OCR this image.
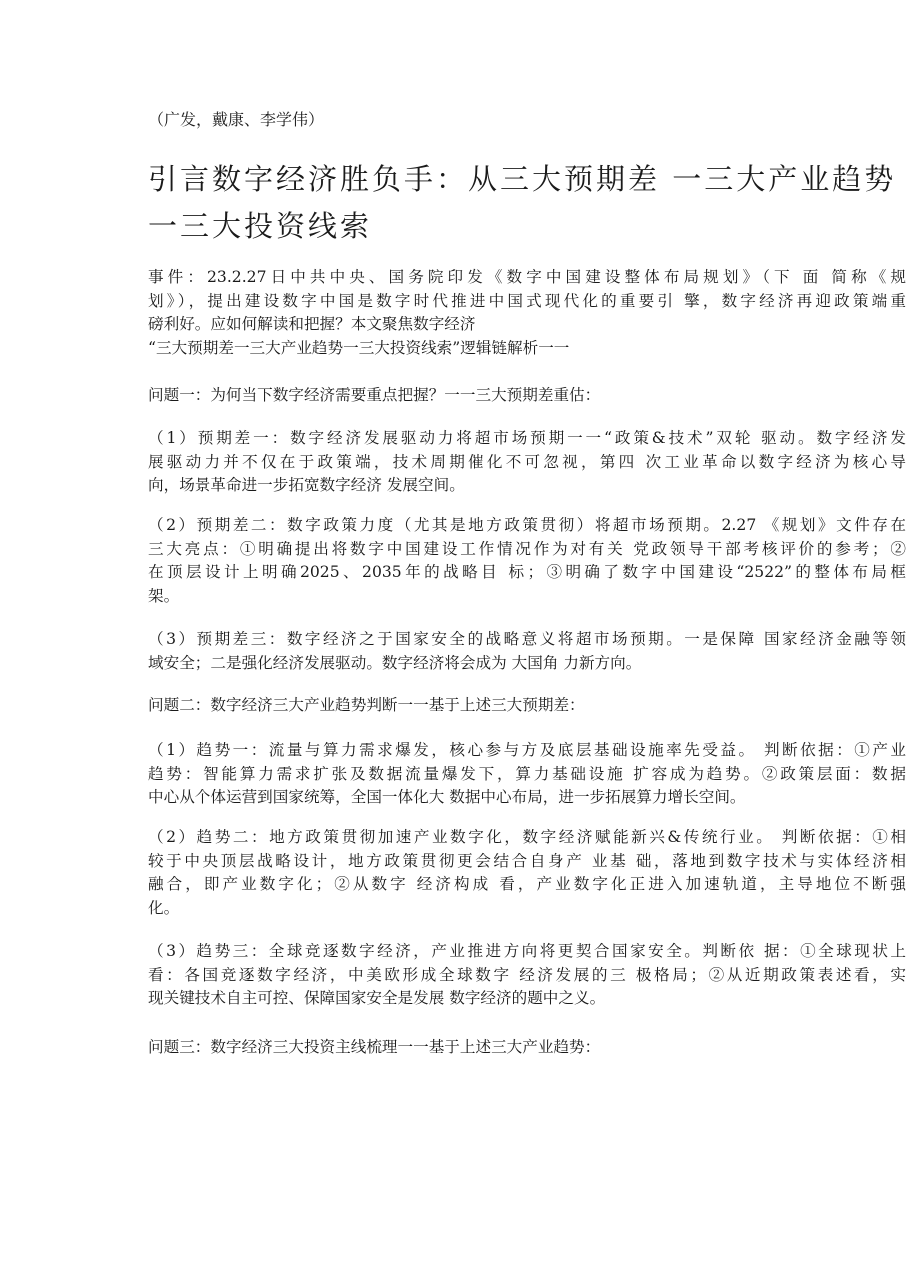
（广发，戴康、李学伟）
引言数字经济胜负手：从三大预期差 一三大产业趋势
一三大投资线索

事件：23.2.27日中共中央、国务院印发《数字中国建设整体布局规划》（下 面 简称《规
划》），提出建设数字中国是数字时代推进中国式现代化的重要引 擎，数字经济再迎政策端重
磅利好。应如何解读和把握？本文聚焦数字经济
“三大预期差一三大产业趋势一三大投资线索”逻辑链解析一一

问题一：为何当下数字经济需要重点把握？一一三大预期差重估：

（1）预期差一：数字经济发展驱动力将超市场预期一一“政策&技术”双轮 驱动。数字经济发
展驱动力并不仅在于政策端，技术周期催化不可忽视，第四 次工业革命以数字经济为核心导
向，场景革命进一步拓宽数字经济 发展空间。

（2）预期差二：数字政策力度（尤其是地方政策贯彻）将超市场预期。2.27 《规划》文件存在
三大亮点：①明确提出将数字中国建设工作情况作为对有关 党政领导干部考核评价的参考；②
在顶层设计上明确2025、2035年的战略目 标；③明确了数字中国建设“2522”的整体布局框
架。

（3）预期差三：数字经济之于国家安全的战略意义将超市场预期。一是保障 国家经济金融等领
域安全；二是强化经济发展驱动。数字经济将会成为 大国角 力新方向。

问题二：数字经济三大产业趋势判断一一基于上述三大预期差：

（1）趋势一：流量与算力需求爆发，核心参与方及底层基础设施率先受益。 判断依据：①产业
趋势：智能算力需求扩张及数据流量爆发下，算力基础设施 扩容成为趋势。②政策层面：数据
中心从个体运营到国家统筹，全国一体化大 数据中心布局，进一步拓展算力增长空间。

（2）趋势二：地方政策贯彻加速产业数字化，数字经济赋能新兴&传统行业。 判断依据：①相
较于中央顶层战略设计，地方政策贯彻更会结合自身产 业基 础，落地到数字技术与实体经济相
融合，即产业数字化；②从数字 经济构成 看，产业数字化正进入加速轨道，主导地位不断强
化。

（3）趋势三：全球竞逐数字经济，产业推进方向将更契合国家安全。判断依 据：①全球现状上
看：各国竞逐数字经济，中美欧形成全球数字 经济发展的三 极格局；②从近期政策表述看，实
现关键技术自主可控、保障国家安全是发展 数字经济的题中之义。

问题三：数字经济三大投资主线梳理一一基于上述三大产业趋势：
